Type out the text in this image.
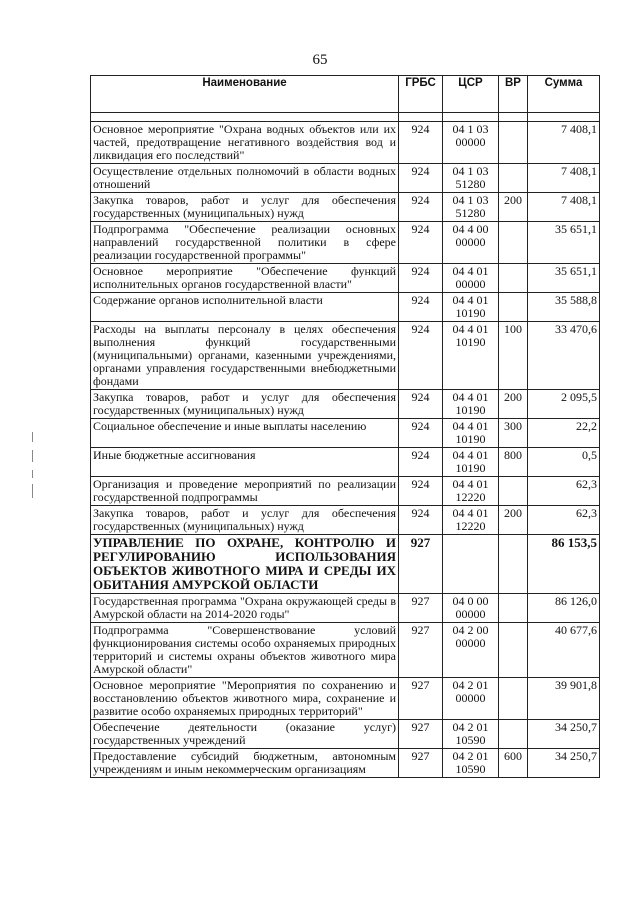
65
Наименование	ГРБС	ЦСР	ВР	Сумма

Основное мероприятие "Охрана водных объектов или их частей, предотвращение негативного воздействия вод и ликвидация его последствий"	924	04 1 03 00000		7 408,1
Осуществление отдельных полномочий в области водных отношений	924	04 1 03 51280		7 408,1
Закупка товаров, работ и услуг для обеспечения государственных (муниципальных) нужд	924	04 1 03 51280	200	7 408,1
Подпрограмма "Обеспечение реализации основных направлений государственной политики в сфере реализации государственной программы"	924	04 4 00 00000		35 651,1
Основное мероприятие "Обеспечение функций исполнительных органов государственной власти"	924	04 4 01 00000		35 651,1
Содержание органов исполнительной власти	924	04 4 01 10190		35 588,8
Расходы на выплаты персоналу в целях обеспечения выполнения функций государственными (муниципальными) органами, казенными учреждениями, органами управления государственными внебюджетными фондами	924	04 4 01 10190	100	33 470,6
Закупка товаров, работ и услуг для обеспечения государственных (муниципальных) нужд	924	04 4 01 10190	200	2 095,5
Социальное обеспечение и иные выплаты населению	924	04 4 01 10190	300	22,2
Иные бюджетные ассигнования	924	04 4 01 10190	800	0,5
Организация и проведение мероприятий по реализации государственной подпрограммы	924	04 4 01 12220		62,3
Закупка товаров, работ и услуг для обеспечения государственных (муниципальных) нужд	924	04 4 01 12220	200	62,3
УПРАВЛЕНИЕ ПО ОХРАНЕ, КОНТРОЛЮ И РЕГУЛИРОВАНИЮ ИСПОЛЬЗОВАНИЯ ОБЪЕКТОВ ЖИВОТНОГО МИРА И СРЕДЫ ИХ ОБИТАНИЯ АМУРСКОЙ ОБЛАСТИ	927			86 153,5
Государственная программа "Охрана окружающей среды в Амурской области на 2014-2020 годы"	927	04 0 00 00000		86 126,0
Подпрограмма "Совершенствование условий функционирования системы особо охраняемых природных территорий и системы охраны объектов животного мира Амурской области"	927	04 2 00 00000		40 677,6
Основное мероприятие "Мероприятия по сохранению и восстановлению объектов животного мира, сохранение и развитие особо охраняемых природных территорий"	927	04 2 01 00000		39 901,8
Обеспечение деятельности (оказание услуг) государственных учреждений	927	04 2 01 10590		34 250,7
Предоставление субсидий бюджетным, автономным учреждениям и иным некоммерческим организациям	927	04 2 01 10590	600	34 250,7
